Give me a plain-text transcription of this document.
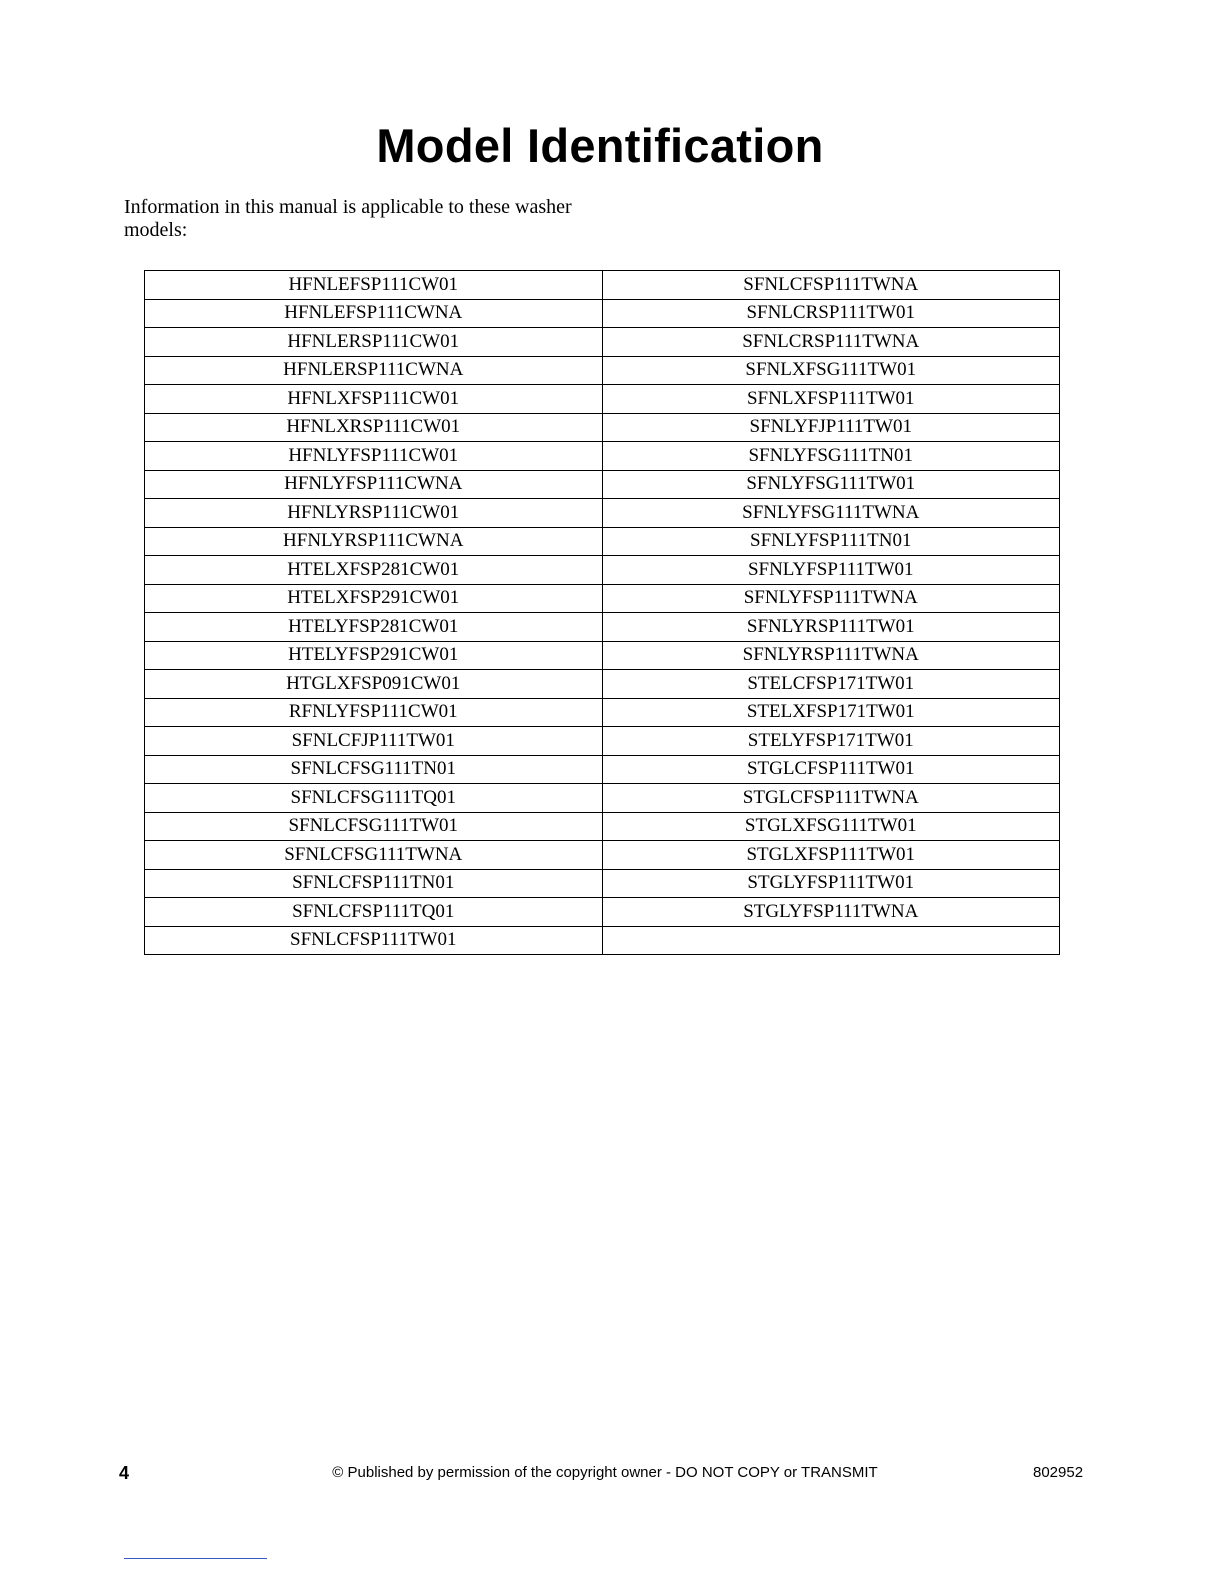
Model Identification

Information in this manual is applicable to these washer models:

HFNLEFSP111CW01	SFNLCFSP111TWNA
HFNLEFSP111CWNA	SFNLCRSP111TW01
HFNLERSP111CW01	SFNLCRSP111TWNA
HFNLERSP111CWNA	SFNLXFSG111TW01
HFNLXFSP111CW01	SFNLXFSP111TW01
HFNLXRSP111CW01	SFNLYFJP111TW01
HFNLYFSP111CW01	SFNLYFSG111TN01
HFNLYFSP111CWNA	SFNLYFSG111TW01
HFNLYRSP111CW01	SFNLYFSG111TWNA
HFNLYRSP111CWNA	SFNLYFSP111TN01
HTELXFSP281CW01	SFNLYFSP111TW01
HTELXFSP291CW01	SFNLYFSP111TWNA
HTELYFSP281CW01	SFNLYRSP111TW01
HTELYFSP291CW01	SFNLYRSP111TWNA
HTGLXFSP091CW01	STELCFSP171TW01
RFNLYFSP111CW01	STELXFSP171TW01
SFNLCFJP111TW01	STELYFSP171TW01
SFNLCFSG111TN01	STGLCFSP111TW01
SFNLCFSG111TQ01	STGLCFSP111TWNA
SFNLCFSG111TW01	STGLXFSG111TW01
SFNLCFSG111TWNA	STGLXFSP111TW01
SFNLCFSP111TN01	STGLYFSP111TW01
SFNLCFSP111TQ01	STGLYFSP111TWNA
SFNLCFSP111TW01	
4	© Published by permission of the copyright owner - DO NOT COPY or TRANSMIT	802952
